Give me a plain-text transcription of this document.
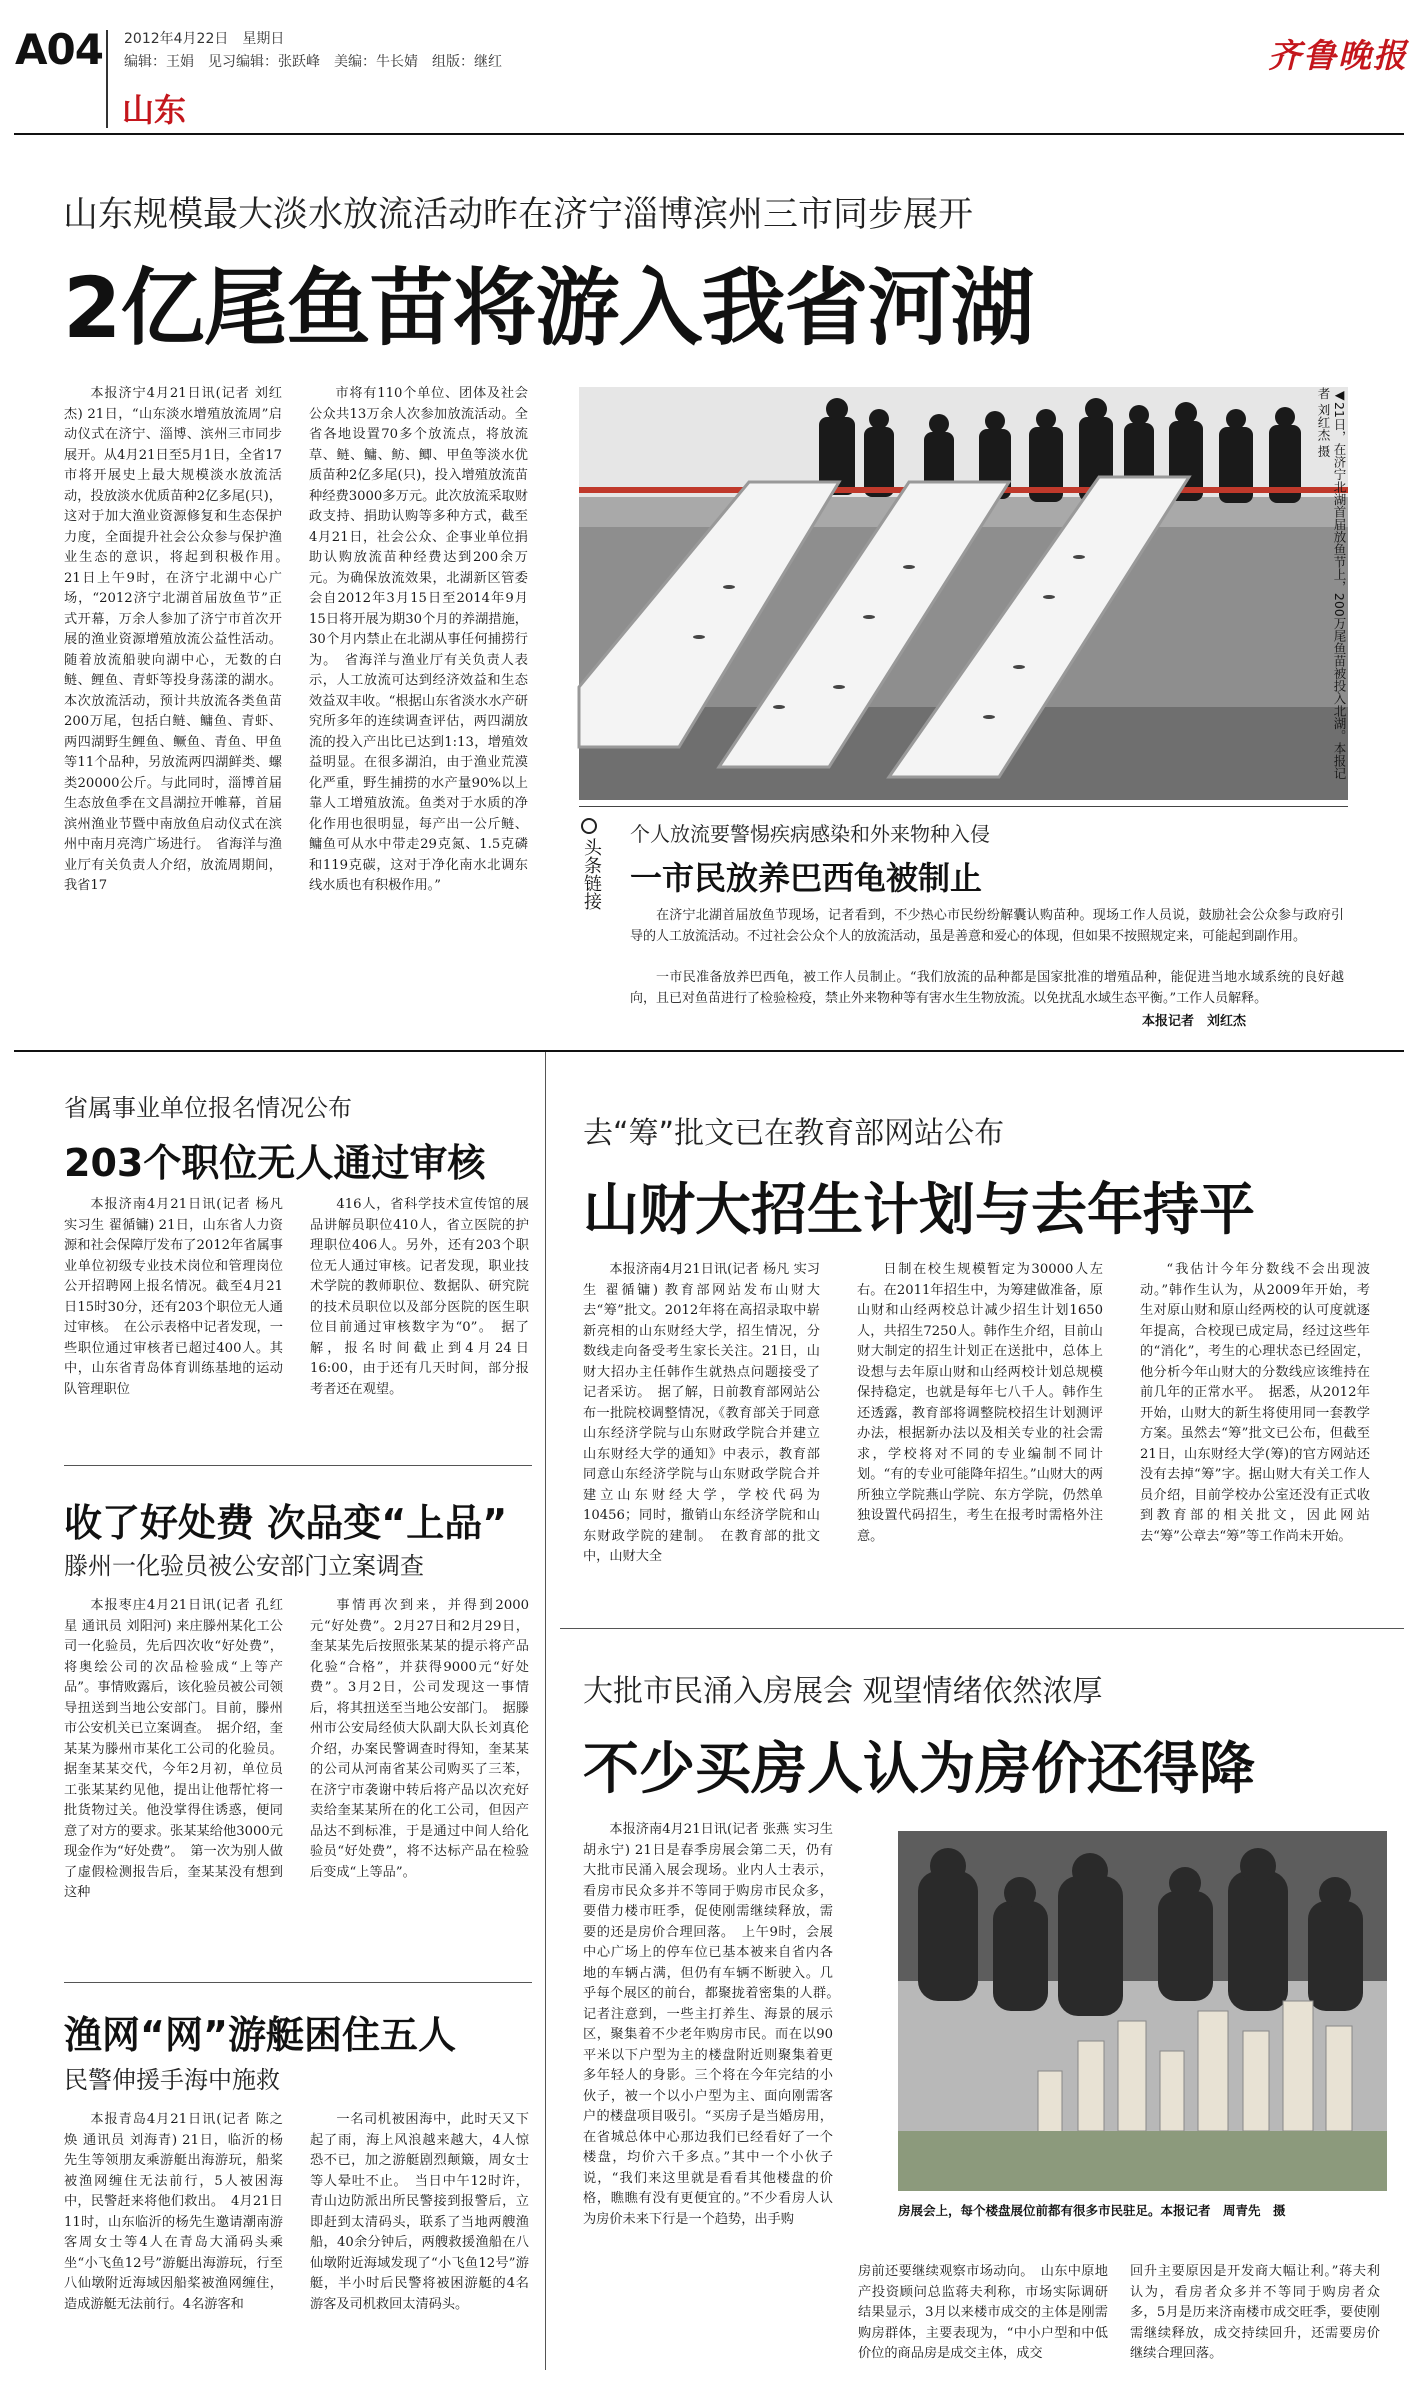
A04 2012年4月22日　星期日
编辑：王娟　见习编辑：张跃峰　美编：牛长婧　组版：继红
山东
齐鲁晚报
山东规模最大淡水放流活动昨在济宁淄博滨州三市同步展开
2亿尾鱼苗将游入我省河湖
本报济宁4月21日讯(记者 刘红杰) 21日，“山东淡水增殖放流周”启动仪式在济宁、淄博、滨州三市同步展开。从4月21日至5月1日，全省17市将开展史上最大规模淡水放流活动，投放淡水优质苗种2亿多尾(只)，这对于加大渔业资源修复和生态保护力度，全面提升社会公众参与保护渔业生态的意识，将起到积极作用。　21日上午9时，在济宁北湖中心广场，“2012济宁北湖首届放鱼节”正式开幕，万余人参加了济宁市首次开展的渔业资源增殖放流公益性活动。随着放流船驶向湖中心，无数的白鲢、鲤鱼、青虾等投身荡漾的湖水。本次放流活动，预计共放流各类鱼苗200万尾，包括白鲢、鳙鱼、青虾、两四湖野生鲤鱼、鳜鱼、青鱼、甲鱼等11个品种，另放流两四湖鲜类、螺类20000公斤。与此同时，淄博首届生态放鱼季在文昌湖拉开帷幕，首届滨州渔业节暨中南放鱼启动仪式在滨州中南月亮湾广场进行。　省海洋与渔业厅有关负责人介绍，放流周期间，我省17
市将有110个单位、团体及社会公众共13万余人次参加放流活动。全省各地设置70多个放流点，将放流草、鲢、鳙、鲂、鲫、甲鱼等淡水优质苗种2亿多尾(只)，投入增殖放流苗种经费3000多万元。此次放流采取财政支持、捐助认购等多种方式，截至4月21日，社会公众、企事业单位捐助认购放流苗种经费达到200余万元。为确保放流效果，北湖新区管委会自2012年3月15日至2014年9月15日将开展为期30个月的养湖措施，30个月内禁止在北湖从事任何捕捞行为。　省海洋与渔业厅有关负责人表示，人工放流可达到经济效益和生态效益双丰收。“根据山东省淡水水产研究所多年的连续调查评估，两四湖放流的投入产出比已达到1:13，增殖效益明显。在很多湖泊，由于渔业荒漠化严重，野生捕捞的水产量90%以上靠人工增殖放流。鱼类对于水质的净化作用也很明显，每产出一公斤鲢、鳙鱼可从水中带走29克氮、1.5克磷和119克碳，这对于净化南水北调东线水质也有积极作用。”
◀21日，在济宁北湖首届放鱼节上，200万尾鱼苗被投入北湖。本报记者 刘红杰 摄
头条链接
个人放流要警惕疾病感染和外来物种入侵
一市民放养巴西龟被制止
在济宁北湖首届放鱼节现场，记者看到，不少热心市民纷纷解囊认购苗种。现场工作人员说，鼓励社会公众参与政府引导的人工放流活动。不过社会公众个人的放流活动，虽是善意和爱心的体现，但如果不按照规定来，可能起到副作用。
一市民准备放养巴西龟，被工作人员制止。“我们放流的品种都是国家批准的增殖品种，能促进当地水域系统的良好越向，且已对鱼苗进行了检验检疫，禁止外来物种等有害水生生物放流。以免扰乱水域生态平衡。”工作人员解释。
本报记者　刘红杰
省属事业单位报名情况公布
203个职位无人通过审核
本报济南4月21日讯(记者 杨凡 实习生 翟循镛) 21日，山东省人力资源和社会保障厅发布了2012年省属事业单位初级专业技术岗位和管理岗位公开招聘网上报名情况。截至4月21日15时30分，还有203个职位无人通过审核。　在公示表格中记者发现，一些职位通过审核者已超过400人。其中，山东省青岛体育训练基地的运动队管理职位
416人，省科学技术宣传馆的展品讲解员职位410人，省立医院的护理职位406人。另外，还有203个职位无人通过审核。记者发现，职业技术学院的教师职位、数据队、研究院的技术员职位以及部分医院的医生职位目前通过审核数字为“0”。　据了解，报名时间截止到4月24日16:00，由于还有几天时间，部分报考者还在观望。
收了好处费 次品变“上品”
滕州一化验员被公安部门立案调查
本报枣庄4月21日讯(记者 孔红星 通讯员 刘阳河) 来庄滕州某化工公司一化验员，先后四次收“好处费”，将奥绘公司的次品检验成“上等产品”。事情败露后，该化验员被公司领导扭送到当地公安部门。目前，滕州市公安机关已立案调查。　据介绍，奎某某为滕州市某化工公司的化验员。据奎某某交代，今年2月初，单位员工张某某约见他，提出让他帮忙将一批货物过关。他没掌得住诱惑，便同意了对方的要求。张某某给他3000元现金作为“好处费”。　第一次为别人做了虚假检测报告后，奎某某没有想到这种
事情再次到来，并得到2000元“好处费”。2月27日和2月29日，奎某某先后按照张某某的提示将产品化验“合格”，并获得9000元“好处费”。3月2日，公司发现这一事情后，将其扭送至当地公安部门。　据滕州市公安局经侦大队副大队长刘真伦介绍，办案民警调查时得知，奎某某的公司从河南省某公司购买了三苯，在济宁市袭谢中转后将产品以次充好卖给奎某某所在的化工公司，但因产品达不到标准，于是通过中间人给化验员“好处费”，将不达标产品在检验后变成“上等品”。
渔网“网”游艇困住五人
民警伸援手海中施救
本报青岛4月21日讯(记者 陈之焕 通讯员 刘海青) 21日，临沂的杨先生等领朋友乘游艇出海游玩，船桨被渔网缠住无法前行，5人被困海中，民警赶来将他们救出。　4月21日11时，山东临沂的杨先生邀请潮南游客周女士等4人在青岛大涌码头乘坐“小飞鱼12号”游艇出海游玩，行至八仙墩附近海域因船桨被渔网缠住，造成游艇无法前行。4名游客和
一名司机被困海中，此时天又下起了雨，海上风浪越来越大，4人惊恐不已，加之游艇剧烈颠簸，周女士等人晕吐不止。　当日中午12时许，青山边防派出所民警接到报警后，立即赶到太清码头，联系了当地两艘渔船，40余分钟后，两艘救援渔船在八仙墩附近海域发现了“小飞鱼12号”游艇，半小时后民警将被困游艇的4名游客及司机救回太清码头。
去“筹”批文已在教育部网站公布
山财大招生计划与去年持平
本报济南4月21日讯(记者 杨凡 实习生 翟循镛) 教育部网站发布山财大去“筹”批文。2012年将在高招录取中崭新亮相的山东财经大学，招生情况，分数线走向备受考生家长关注。21日，山财大招办主任韩作生就热点问题接受了记者采访。　据了解，日前教育部网站公布一批院校调整情况，《教育部关于同意山东经济学院与山东财政学院合并建立山东财经大学的通知》中表示，教育部同意山东经济学院与山东财政学院合并建立山东财经大学，学校代码为10456；同时，撤销山东经济学院和山东财政学院的建制。　在教育部的批文中，山财大全
日制在校生规模暂定为30000人左右。在2011年招生中，为筹建做准备，原山财和山经两校总计减少招生计划1650人，共招生7250人。韩作生介绍，目前山财大制定的招生计划正在送批中，总体上设想与去年原山财和山经两校计划总规模保持稳定，也就是每年七八千人。韩作生还透露，教育部将调整院校招生计划测评办法，根据新办法以及相关专业的社会需求，学校将对不同的专业编制不同计划。“有的专业可能降年招生。”山财大的两所独立学院燕山学院、东方学院，仍然单独设置代码招生，考生在报考时需格外注意。
“我估计今年分数线不会出现波动。”韩作生认为，从2009年开始，考生对原山财和原山经两校的认可度就逐年提高，合校现已成定局，经过这些年的“消化”，考生的心理状态已经固定，他分析今年山财大的分数线应该维持在前几年的正常水平。　据悉，从2012年开始，山财大的新生将使用同一套教学方案。虽然去“筹”批文已公布，但截至21日，山东财经大学(筹)的官方网站还没有去掉“筹”字。据山财大有关工作人员介绍，目前学校办公室还没有正式收到教育部的相关批文，因此网站去“筹”公章去“筹”等工作尚未开始。
大批市民涌入房展会 观望情绪依然浓厚
不少买房人认为房价还得降
本报济南4月21日讯(记者 张燕 实习生 胡永宁) 21日是春季房展会第二天，仍有大批市民涌入展会现场。业内人士表示，看房市民众多并不等同于购房市民众多，要借力楼市旺季，促使刚需继续释放，需要的还是房价合理回落。　上午9时，会展中心广场上的停车位已基本被来自省内各地的车辆占满，但仍有车辆不断驶入。几乎每个展区的前台，都聚拢着密集的人群。　记者注意到，一些主打养生、海景的展示区，聚集着不少老年购房市民。而在以90平米以下户型为主的楼盘附近则聚集着更多年轻人的身影。三个将在今年完结的小伙子，被一个以小户型为主、面向刚需客户的楼盘项目吸引。“买房子是当婚房用，在省城总体中心那边我们已经看好了一个楼盘，均价六千多点。”其中一个小伙子说，“我们来这里就是看看其他楼盘的价格，瞧瞧有没有更便宜的。”不少看房人认为房价未来下行是一个趋势，出手购
房展会上，每个楼盘展位前都有很多市民驻足。本报记者　周青先　摄
房前还要继续观察市场动向。　山东中原地产投资顾问总监蒋夫利称，市场实际调研结果显示，3月以来楼市成交的主体是刚需购房群体，主要表现为，“中小户型和中低价位的商品房是成交主体，成交
回升主要原因是开发商大幅让利。”蒋夫利认为，看房者众多并不等同于购房者众多，5月是历来济南楼市成交旺季，要使刚需继续释放，成交持续回升，还需要房价继续合理回落。
